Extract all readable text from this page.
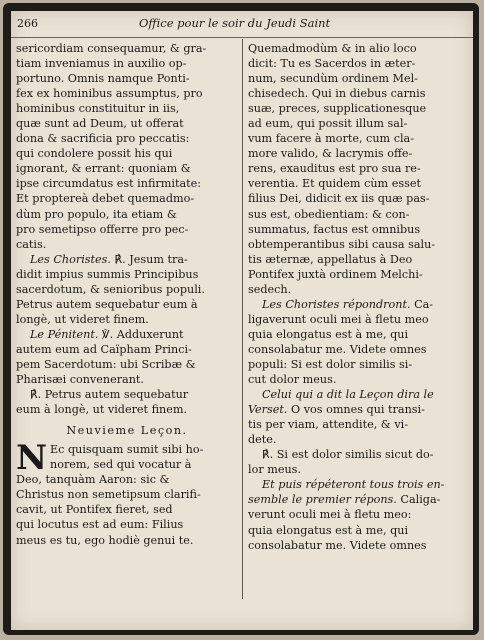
266	Office pour le soir du Jeudi Saint
sericordiam consequamur, & gra-
tiam inveniamus in auxilio op-
portuno. Omnis namque Ponti-
fex ex hominibus assumptus, pro
hominibus constituitur in iis,
quæ sunt ad Deum, ut offerat
dona & sacrificia pro peccatis:
qui condolere possit his qui
ignorant, & errant: quoniam &
ipse circumdatus est infirmitate:
Et proptereà debet quemadmo-
dùm pro populo, ita etiam &
pro semetipso offerre pro pec-
catis.
Les Choristes. ℟. Jesum tra-
didit impius summis Principibus
sacerdotum, & senioribus populi.
Petrus autem sequebatur eum à
longè, ut videret finem.
Le Pénitent. ℣. Adduxerunt
autem eum ad Caïpham Princi-
pem Sacerdotum: ubi Scribæ &
Pharisæi convenerant.
℟. Petrus autem sequebatur
eum à longè, ut videret finem.
Neuvieme Leçon.
N Ec quisquam sumit sibi ho-
norem, sed qui vocatur à
Deo, tanquàm Aaron: sic &
Christus non semetipsum clarifi-
cavit, ut Pontifex fieret, sed
qui locutus est ad eum: Filius
meus es tu, ego hodiè genui te.
Quemadmodùm & in alio loco
dicit: Tu es Sacerdos in æter-
num, secundùm ordinem Mel-
chisedech. Qui in diebus carnis
suæ, preces, supplicationesque
ad eum, qui possit illum sal-
vum facere à morte, cum cla-
more valido, & lacrymis offe-
rens, exauditus est pro sua re-
verentia. Et quidem cùm esset
filius Dei, didicit ex iis quæ pas-
sus est, obedientiam: & con-
summatus, factus est omnibus
obtemperantibus sibi causa salu-
tis æternæ, appellatus à Deo
Pontifex juxtà ordinem Melchi-
sedech.
Les Choristes répondront. Ca-
ligaverunt oculi mei à fletu meo
quia elongatus est à me, qui
consolabatur me. Videte omnes
populi: Si est dolor similis si-
cut dolor meus.
Celui qui a dit la Leçon dira le
Verset. O vos omnes qui transi-
tis per viam, attendite, & vi-
dete.
℟. Si est dolor similis sicut do-
lor meus.
Et puis répéteront tous trois en-
semble le premier répons. Caliga-
verunt oculi mei à fletu meo:
quia elongatus est à me, qui
consolabatur me. Videte omnes
